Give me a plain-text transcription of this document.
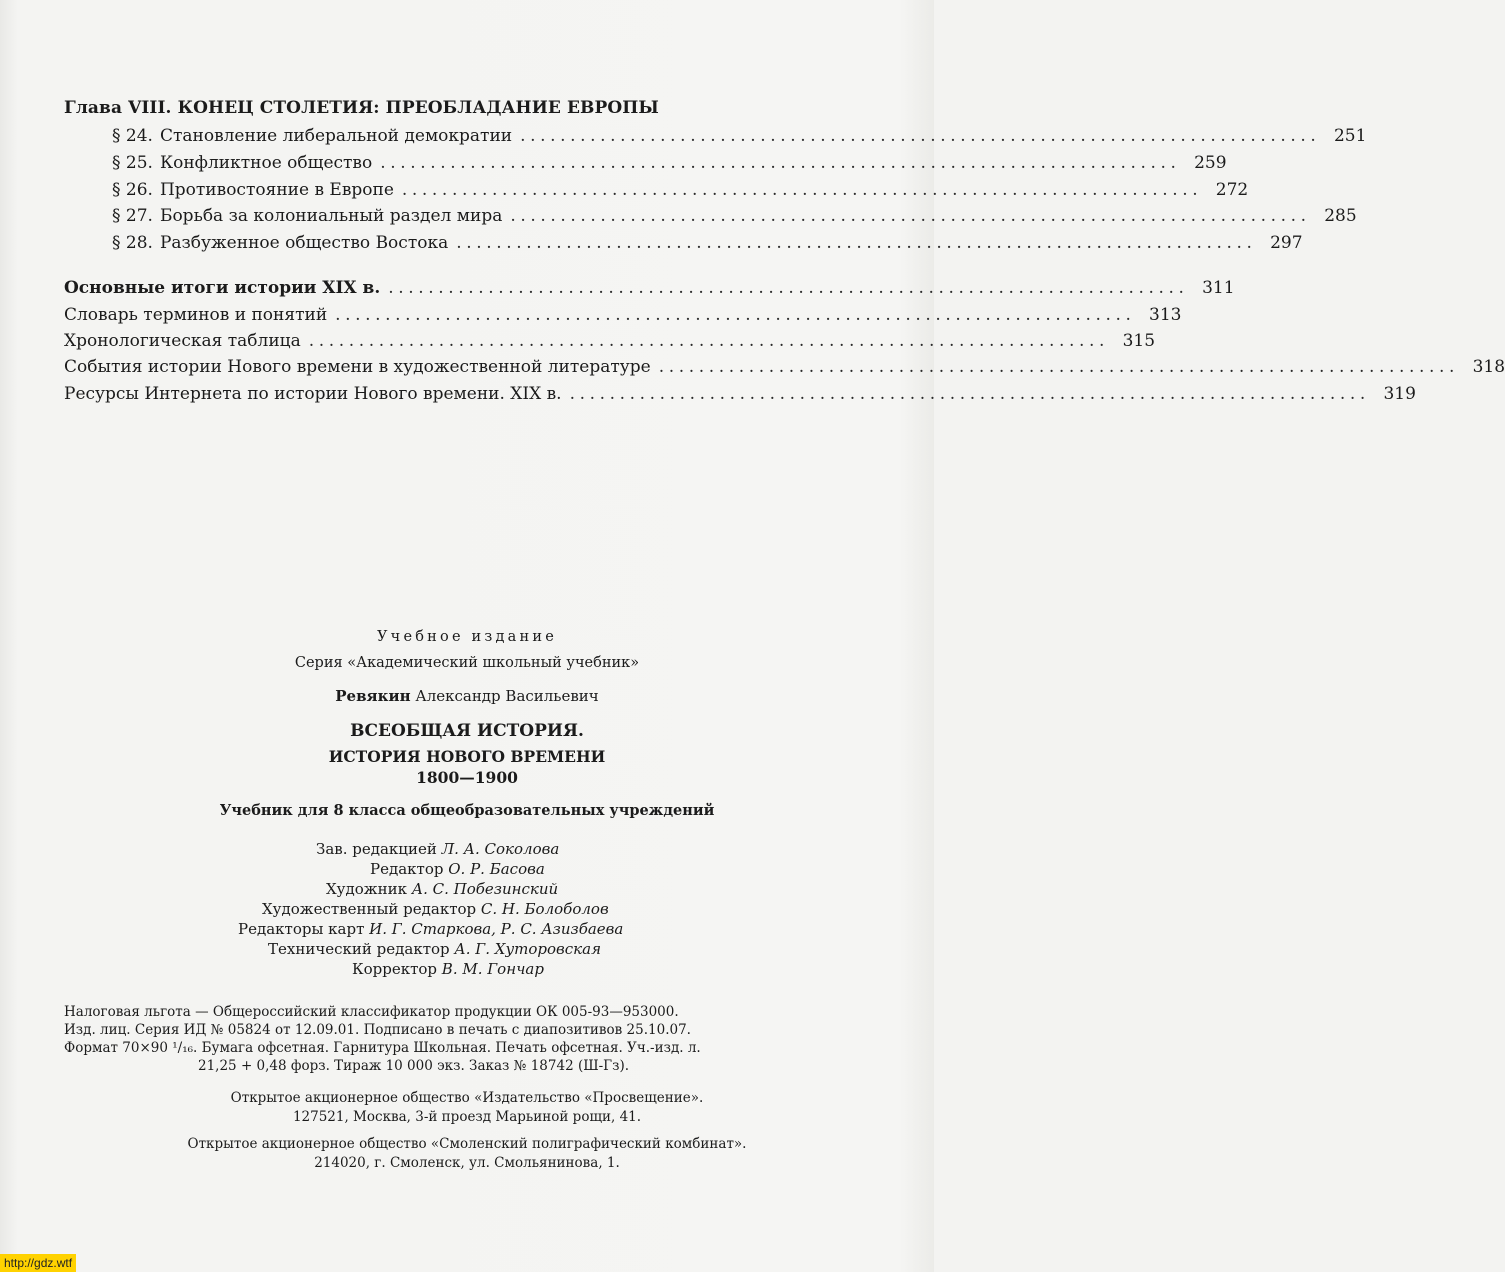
Глава VIII. КОНЕЦ СТОЛЕТИЯ: ПРЕОБЛАДАНИЕ ЕВРОПЫ
§ 24. Становление либеральной демократии ................................................................................ 251
§ 25. Конфликтное общество ................................................................................ 259
§ 26. Противостояние в Европе ................................................................................ 272
§ 27. Борьба за колониальный раздел мира ................................................................................ 285
§ 28. Разбуженное общество Востока ................................................................................ 297
Основные итоги истории XIX в. ................................................................................ 311
Словарь терминов и понятий ................................................................................ 313
Хронологическая таблица ................................................................................ 315
События истории Нового времени в художественной литературе ................................................................................ 318
Ресурсы Интернета по истории Нового времени. XIX в. ................................................................................ 319
Учебное издание
Серия «Академический школьный учебник»
Ревякин Александр Васильевич
ВСЕОБЩАЯ ИСТОРИЯ.
ИСТОРИЯ НОВОГО ВРЕМЕНИ
1800—1900
Учебник для 8 класса общеобразовательных учреждений
Зав. редакцией Л. А. Соколова
Редактор О. Р. Басова
Художник А. С. Побезинский
Художественный редактор С. Н. Болоболов
Редакторы карт И. Г. Старкова, Р. С. Азизбаева
Технический редактор А. Г. Хуторовская
Корректор В. М. Гончар
Налоговая льгота — Общероссийский классификатор продукции ОК 005-93—953000.
Изд. лиц. Серия ИД № 05824 от 12.09.01. Подписано в печать с диапозитивов 25.10.07.
Формат 70×90 ¹/₁₆. Бумага офсетная. Гарнитура Школьная. Печать офсетная. Уч.-изд. л.
21,25 + 0,48 форз. Тираж 10 000 экз. Заказ № 18742 (Ш-Гз).
Открытое акционерное общество «Издательство «Просвещение».
127521, Москва, 3-й проезд Марьиной рощи, 41.
Открытое акционерное общество «Смоленский полиграфический комбинат».
214020, г. Смоленск, ул. Смольянинова, 1.
http://gdz.wtf
